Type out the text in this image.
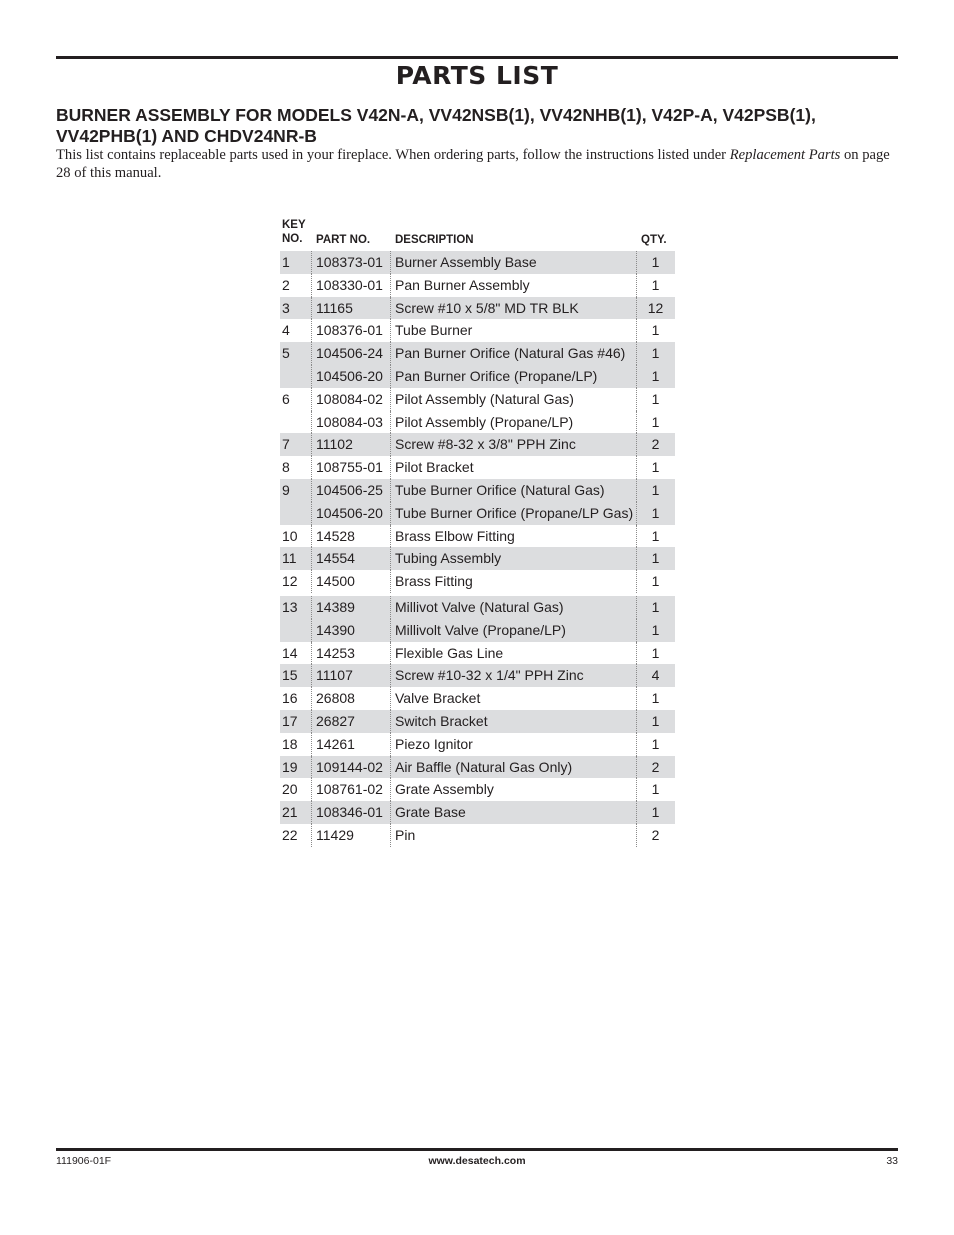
PARTS LIST
BURNER ASSEMBLY FOR MODELS V42N-A, VV42NSB(1), VV42NHB(1), V42P-A, V42PSB(1), VV42PHB(1) AND CHDV24NR-B
This list contains replaceable parts used in your fireplace. When ordering parts, follow the instructions listed under Replacement Parts on page 28 of this manual.
KEY NO.	PART NO. DESCRIPTION	QTY.
1 108373-01 Burner Assembly Base	1
2 108330-01 Pan Burner Assembly	1
3 11165	Screw #10 x 5/8" MD TR BLK	12
4 108376-01 Tube Burner	1
5 104506-24 Pan Burner Orifice (Natural Gas #46)	1
104506-20 Pan Burner Orifice (Propane/LP)	1
6 108084-02 Pilot Assembly (Natural Gas)	1
108084-03 Pilot Assembly (Propane/LP)	1
7 11102	Screw #8-32 x 3/8" PPH Zinc	2
8 108755-01 Pilot Bracket	1
9 104506-25 Tube Burner Orifice (Natural Gas)	1
104506-20 Tube Burner Orifice (Propane/LP Gas)	1
10 14528	Brass Elbow Fitting	1
11 14554	Tubing Assembly	1
12 14500	Brass Fitting	1
13 14389	Millivot Valve (Natural Gas)	1
14390	Millivolt Valve (Propane/LP)	1
14 14253	Flexible Gas Line	1
15 11107	Screw #10-32 x 1/4" PPH Zinc	4
16 26808	Valve Bracket	1
17 26827	Switch Bracket	1
18 14261	Piezo Ignitor	1
19 109144-02 Air Baffle (Natural Gas Only)	2
20 108761-02 Grate Assembly	1
21 108346-01 Grate Base	1
22 11429	Pin	2
111906-01F	www.desatech.com	33
